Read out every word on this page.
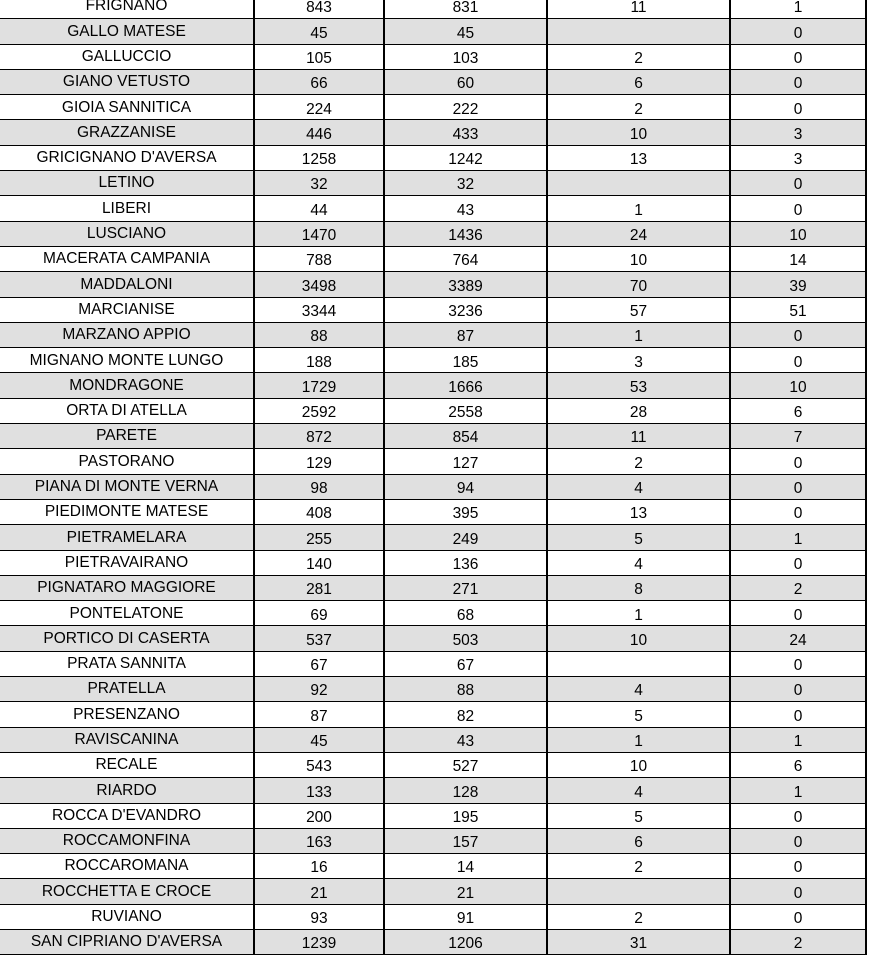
FRIGNANO	843	831	11	1
GALLO MATESE	45	45		0
GALLUCCIO	105	103	2	0
GIANO VETUSTO	66	60	6	0
GIOIA SANNITICA	224	222	2	0
GRAZZANISE	446	433	10	3
GRICIGNANO D'AVERSA	1258	1242	13	3
LETINO	32	32		0
LIBERI	44	43	1	0
LUSCIANO	1470	1436	24	10
MACERATA CAMPANIA	788	764	10	14
MADDALONI	3498	3389	70	39
MARCIANISE	3344	3236	57	51
MARZANO APPIO	88	87	1	0
MIGNANO MONTE LUNGO	188	185	3	0
MONDRAGONE	1729	1666	53	10
ORTA DI ATELLA	2592	2558	28	6
PARETE	872	854	11	7
PASTORANO	129	127	2	0
PIANA DI MONTE VERNA	98	94	4	0
PIEDIMONTE MATESE	408	395	13	0
PIETRAMELARA	255	249	5	1
PIETRAVAIRANO	140	136	4	0
PIGNATARO MAGGIORE	281	271	8	2
PONTELATONE	69	68	1	0
PORTICO DI CASERTA	537	503	10	24
PRATA SANNITA	67	67		0
PRATELLA	92	88	4	0
PRESENZANO	87	82	5	0
RAVISCANINA	45	43	1	1
RECALE	543	527	10	6
RIARDO	133	128	4	1
ROCCA D'EVANDRO	200	195	5	0
ROCCAMONFINA	163	157	6	0
ROCCAROMANA	16	14	2	0
ROCCHETTA E CROCE	21	21		0
RUVIANO	93	91	2	0
SAN CIPRIANO D'AVERSA	1239	1206	31	2
